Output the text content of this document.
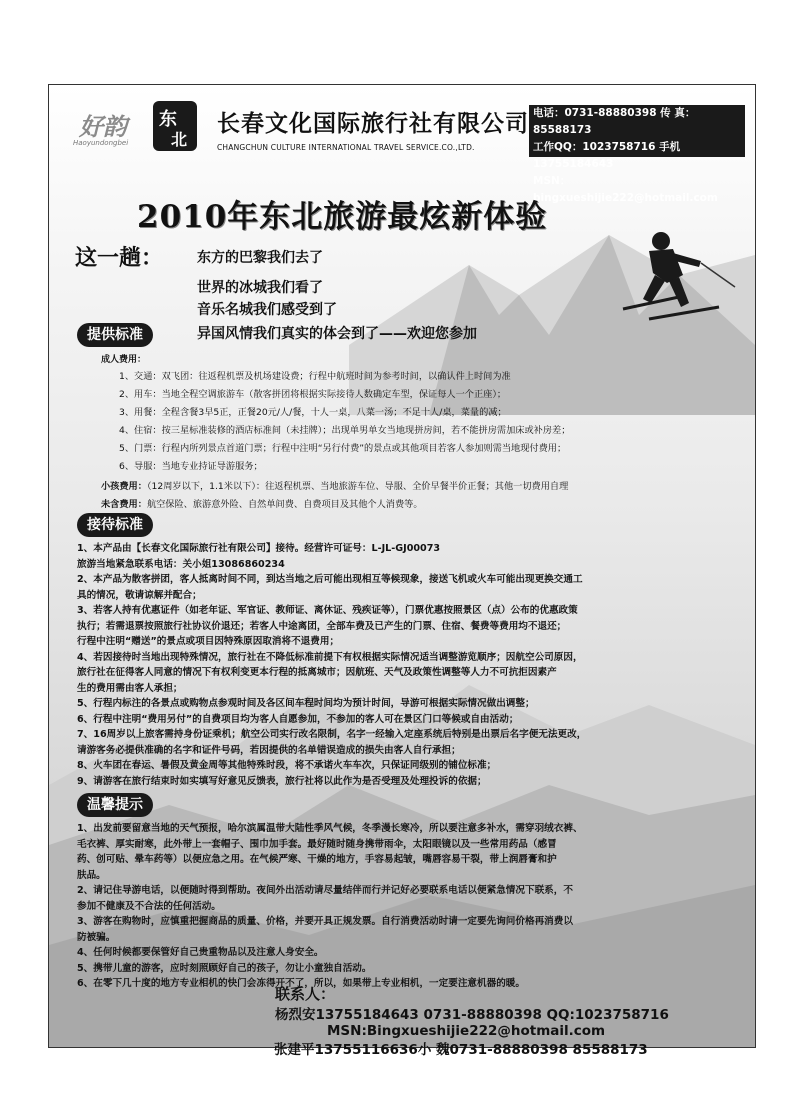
好韵 东
北
Haoyundongbei
长春文化国际旅行社有限公司
CHANGCHUN CULTURE INTERNATIONAL TRAVEL SERVICE.CO.,LTD.
电话：0731-88880398 传 真：85588173
工作QQ：1023758716 手机13755184643
MSN：bingxueshijie222@hotmail.com
2010年东北旅游最炫新体验
这一趟： 东方的巴黎我们去了
世界的冰城我们看了
音乐名城我们感受到了
异国风情我们真实的体会到了——欢迎您参加
提供标准
成人费用：
1、交通：双飞团：往返程机票及机场建设费；行程中航班时间为参考时间，以确认件上时间为准
2、用车：当地全程空调旅游车（散客拼团将根据实际接待人数确定车型，保证每人一个正座）；
3、用餐：全程含餐3早5正，正餐20元/人/餐，十人一桌，八菜一汤；不足十人/桌，菜量的减；
4、住宿：按三星标准装修的酒店标准间（未挂牌）；出现单男单女当地现拼房间，若不能拼房需加床或补房差；
5、门票：行程内所列景点首道门票；行程中注明“另行付费”的景点或其他项目若客人参加则需当地现付费用；
6、导服：当地专业持证导游服务；
小孩费用：（12周岁以下，1.1米以下）：往返程机票、当地旅游车位、导服、全价早餐半价正餐；其他一切费用自理
未含费用：航空保险、旅游意外险、自然单间费、自费项目及其他个人消费等。
接待标准

1、本产品由【长春文化国际旅行社有限公司】接待。经营许可证号：L-JL-GJ00073

旅游当地紧急联系电话：关小姐13086860234

2、本产品为散客拼团，客人抵离时间不同，到达当地之后可能出现相互等候现象，接送飞机或火车可能出现更换交通工

具的情况，敬请谅解并配合；

3、若客人持有优惠证件（如老年证、军官证、教师证、离休证、残疾证等），门票优惠按照景区（点）公布的优惠政策

执行；若需退票按照旅行社协议价退还；若客人中途离团，全部车费及已产生的门票、住宿、餐费等费用均不退还；

行程中注明“赠送”的景点或项目因特殊原因取消将不退费用；

4、若因接待时当地出现特殊情况，旅行社在不降低标准前提下有权根据实际情况适当调整游览顺序；因航空公司原因，

旅行社在征得客人同意的情况下有权利变更本行程的抵离城市；因航班、天气及政策性调整等人力不可抗拒因素产

生的费用需由客人承担；

5、行程内标注的各景点或购物点参观时间及各区间车程时间均为预计时间，导游可根据实际情况做出调整；

6、行程中注明“费用另付”的自费项目均为客人自愿参加，不参加的客人可在景区门口等候或自由活动；

7、16周岁以上旅客需持身份证乘机；航空公司实行改名限制，名字一经输入定座系统后特别是出票后名字便无法更改，

请游客务必提供准确的名字和证件号码，若因提供的名单错误造成的损失由客人自行承担；

8、火车团在春运、暑假及黄金周等其他特殊时段，将不承诺火车车次，只保证同级别的铺位标准；

9、请游客在旅行结束时如实填写好意见反馈表，旅行社将以此作为是否受理及处理投诉的依据；

温馨提示

1、出发前要留意当地的天气预报，哈尔滨属温带大陆性季风气候，冬季漫长寒冷，所以要注意多补水，需穿羽绒衣裤、

毛衣裤、厚实耐寒，此外带上一套帽子、围巾加手套。最好随时随身携带雨伞，太阳眼镜以及一些常用药品（感冒

药、创可贴、晕车药等）以便应急之用。在气候严寒、干燥的地方，手容易起皱，嘴唇容易干裂，带上润唇膏和护

肤品。

2、请记住导游电话，以便随时得到帮助。夜间外出活动请尽量结伴而行并记好必要联系电话以便紧急情况下联系，不

参加不健康及不合法的任何活动。

3、游客在购物时，应慎重把握商品的质量、价格，并要开具正规发票。自行消费活动时请一定要先询问价格再消费以

防被骗。

4、任何时候都要保管好自己贵重物品以及注意人身安全。

5、携带儿童的游客，应时刻照顾好自己的孩子，勿让小童独自活动。

6、在零下几十度的地方专业相机的快门会冻得开不了，所以，如果带上专业相机，一定要注意机器的暖。

联系人：
杨烈安13755184643 0731-88880398 QQ:1023758716
MSN:Bingxueshijie222@hotmail.com
张建平13755116636小 魏0731-88880398 85588173
